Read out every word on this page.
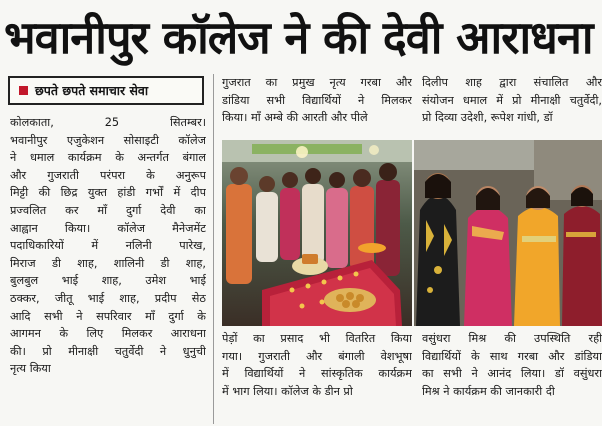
भवानीपुर कॉलेज ने की देवी आराधना
छपते छपते समाचार सेवा
कोलकाता, 25 सितम्बर।
भवानीपुर एजुकेशन सोसाइटी कॉलेज
ने धमाल कार्यक्रम के अन्तर्गत बंगाल
और गुजराती परंपरा के अनुरूप
मिट्टी की छिद्र युक्त हांडी गर्भों में दीप
प्रज्वलित कर माँ दुर्गा देवी का
आह्वान किया। कॉलेज मैनेजमेंट
पदाधिकारियों में नलिनी पारेख,
मिराज डी शाह, शालिनी डी शाह,
बुलबुल भाई शाह, उमेश भाई
ठक्कर, जीतू भाई शाह, प्रदीप सेठ
आदि सभी ने सपरिवार माँ दुर्गा के
आगमन के लिए मिलकर आराधना
की। प्रो मीनाक्षी चतुर्वेदी ने धुनुची
नृत्य किया
गुजरात का प्रमुख नृत्य गरबा और
डांडिया सभी विद्यार्थियों ने मिलकर
किया। माँ अम्बे की आरती और पीले
दिलीप शाह द्वारा संचालित और
संयोजन धमाल में प्रो मीनाक्षी चतुर्वेदी,
प्रो दिव्या उदेशी, रूपेश गांधी, डॉ
पेड़ों का प्रसाद भी वितरित किया
गया। गुजराती और बंगाली वेशभूषा
में विद्यार्थियों ने सांस्कृतिक कार्यक्रम
में भाग लिया। कॉलेज के डीन प्रो
वसुंधरा मिश्र की उपस्थिति रही
विद्यार्थियों के साथ गरबा और डांडिया
का सभी ने आनंद लिया। डॉ वसुंधरा
मिश्र ने कार्यक्रम की जानकारी दी
